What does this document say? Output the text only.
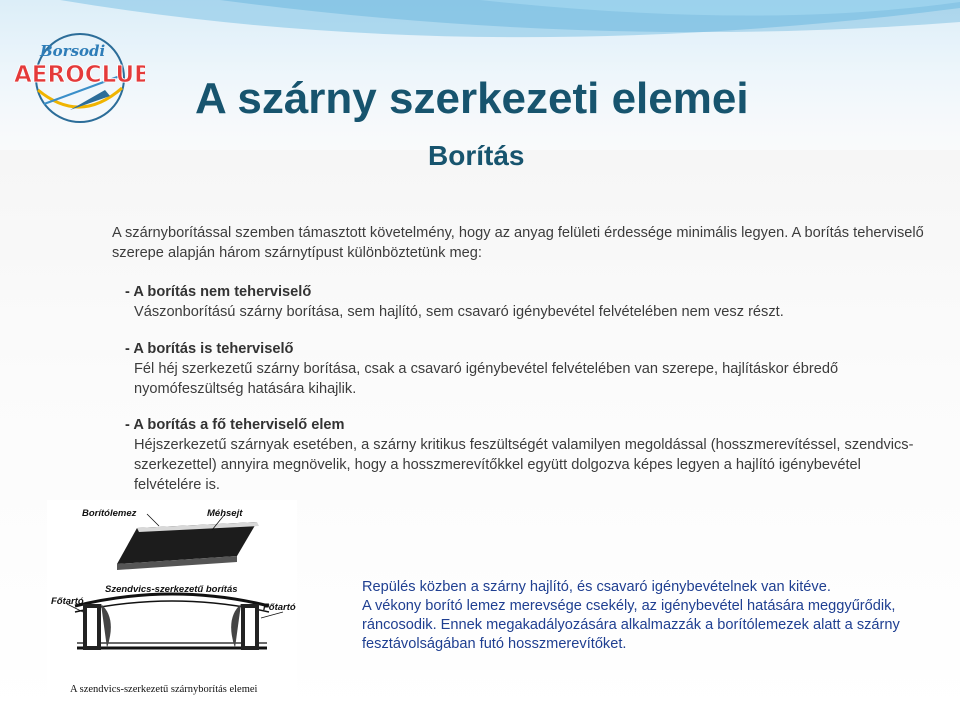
Borsodi
AEROCLUB A szárny szerkezeti elemei
Borítás
A szárnyborítással szemben támasztott követelmény, hogy az anyag felületi érdessége minimális legyen. A borítás teherviselő szerepe alapján három szárnytípust különböztetünk meg:
- A borítás nem teherviselő
Vászonborítású szárny borítása, sem hajlító, sem csavaró igénybevétel felvételében nem vesz részt.
- A borítás is teherviselő
Fél héj szerkezetű szárny borítása, csak a csavaró igénybevétel felvételében van szerepe, hajlításkor ébredő nyomófeszültség hatására kihajlik.
- A borítás a fő teherviselő elem
Héjszerkezetű szárnyak esetében, a szárny kritikus feszültségét valamilyen megoldással (hosszmerevítéssel, szendvics-szerkezettel) annyira megnövelik, hogy a hosszmerevítőkkel együtt dolgozva képes legyen a hajlító igénybevétel felvételére is.
Borítólemez	Méhsejt
Szendvics-szerkezetű borítás
Főtartó
Főtartó
A szendvics-szerkezetű szárnyborítás elemei

Repülés közben a szárny hajlító, és csavaró igénybevételnek van kitéve.

A vékony borító lemez merevsége csekély, az igénybevétel hatására meggyűrődik, ráncosodik. Ennek megakadályozására alkalmazzák a borítólemezek alatt a szárny fesztávolságában futó hosszmerevítőket.
